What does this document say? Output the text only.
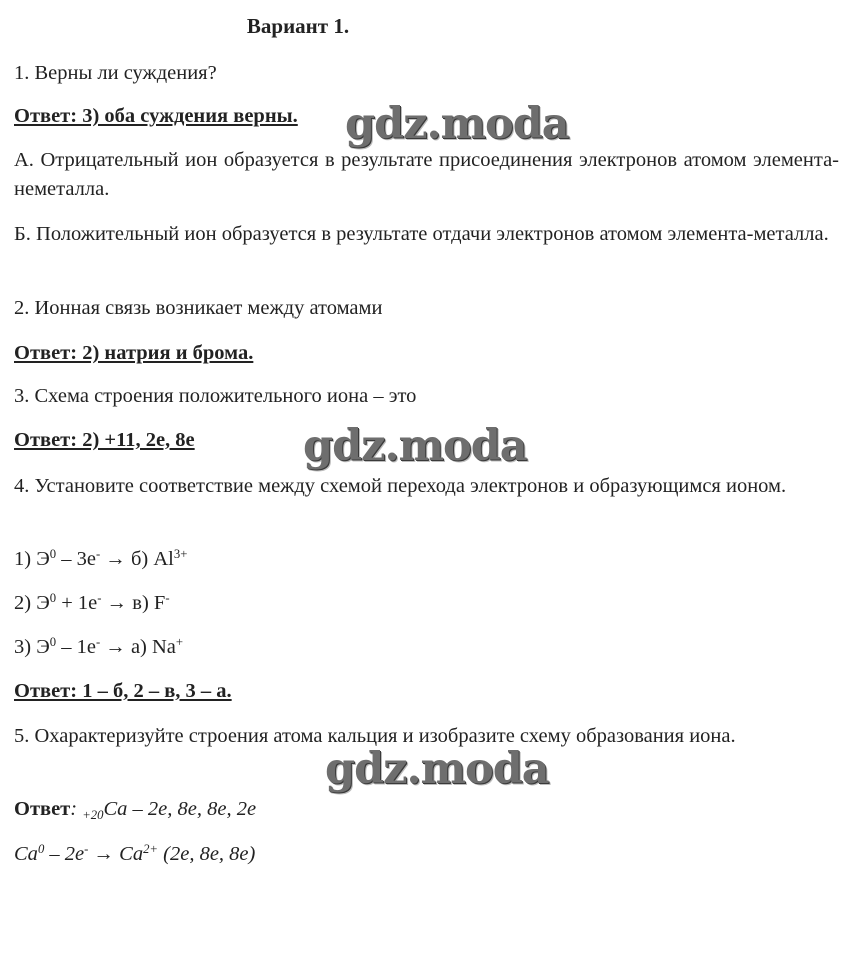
Вариант 1.
1. Верны ли суждения?
Ответ: 3) оба суждения верны.
А. Отрицательный ион образуется в результате присоединения электронов атомом элемента-неметалла.
Б. Положительный ион образуется в результате отдачи электронов атомом элемента-металла.
2. Ионная связь возникает между атомами
Ответ: 2) натрия и брома.
3. Схема строения положительного иона – это
Ответ: 2) +11, 2е, 8е
4. Установите соответствие между схемой перехода электронов и образующимся ионом.
1) $Э^0 - 3е^- \to б$) $Al^{3+}$
2) $Э^0 + 1е^- \to в$) F-
3) $Э^0 - 1е^- \to а$) Na+
Ответ: 1 – б, 2 – в, 3 – а.
5. Охарактеризуйте строения атома кальция и изобразите схему образования иона.
Ответ: $_{+20}$Ca – 2e, 8e, 8e, 2e
$Ca^0 - 2e^- \to Ca^{2+}$ (2e, 8e, 8e)
gdz.moda
gdz.moda
gdz.moda
